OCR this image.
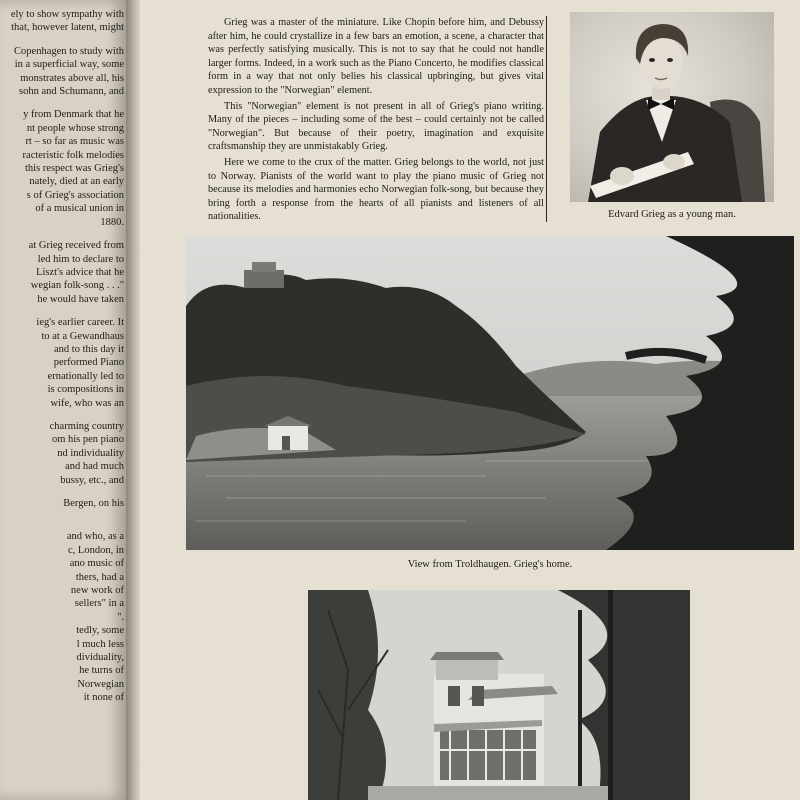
ely to show sympathy with
that, however latent, might
Copenhagen to study with
in a superficial way, some
monstrates above all, his
sohn and Schumann, and
y from Denmark that he
nt people whose strong
rt – so far as music was
racteristic folk melodies
this respect was Grieg's
nately, died at an early
s of Grieg's association
of a musical union in
1880.
at Grieg received from
led him to declare to
Liszt's advice that he
wegian folk-song . . ."
he would have taken
ieg's earlier career. It
to at a Gewandhaus
and to this day it
performed Piano
ernationally led to
is compositions in
wife, who was an
charming country
om his pen piano
nd individuality
and had much
bussy, etc., and
Bergen, on his
and who, as a
c, London, in
ano music of
thers, had a
new work of
sellers" in a
".
tedly, some
l much less
dividuality,
he turns of
Norwegian
it none of

Grieg was a master of the miniature. Like Chopin before him, and Debussy after him, he could crystallize in a few bars an emotion, a scene, a character that was perfectly satisfying musically. This is not to say that he could not handle larger forms. Indeed, in a work such as the Piano Concerto, he modifies classical form in a way that not only belies his classical upbringing, but gives vital expression to the "Norwegian" element.

This "Norwegian" element is not present in all of Grieg's piano writing. Many of the pieces – including some of the best – could certainly not be called "Norwegian". But because of their poetry, imagination and exquisite craftsmanship they are unmistakably Grieg.

Here we come to the crux of the matter. Grieg belongs to the world, not just to Norway. Pianists of the world want to play the piano music of Grieg not because its melodies and harmonies echo Norwegian folk-song, but because they bring forth a response from the hearts of all pianists and listeners of all nationalities.	Edvard Grieg as a young man.
View from Troldhaugen. Grieg's home.
